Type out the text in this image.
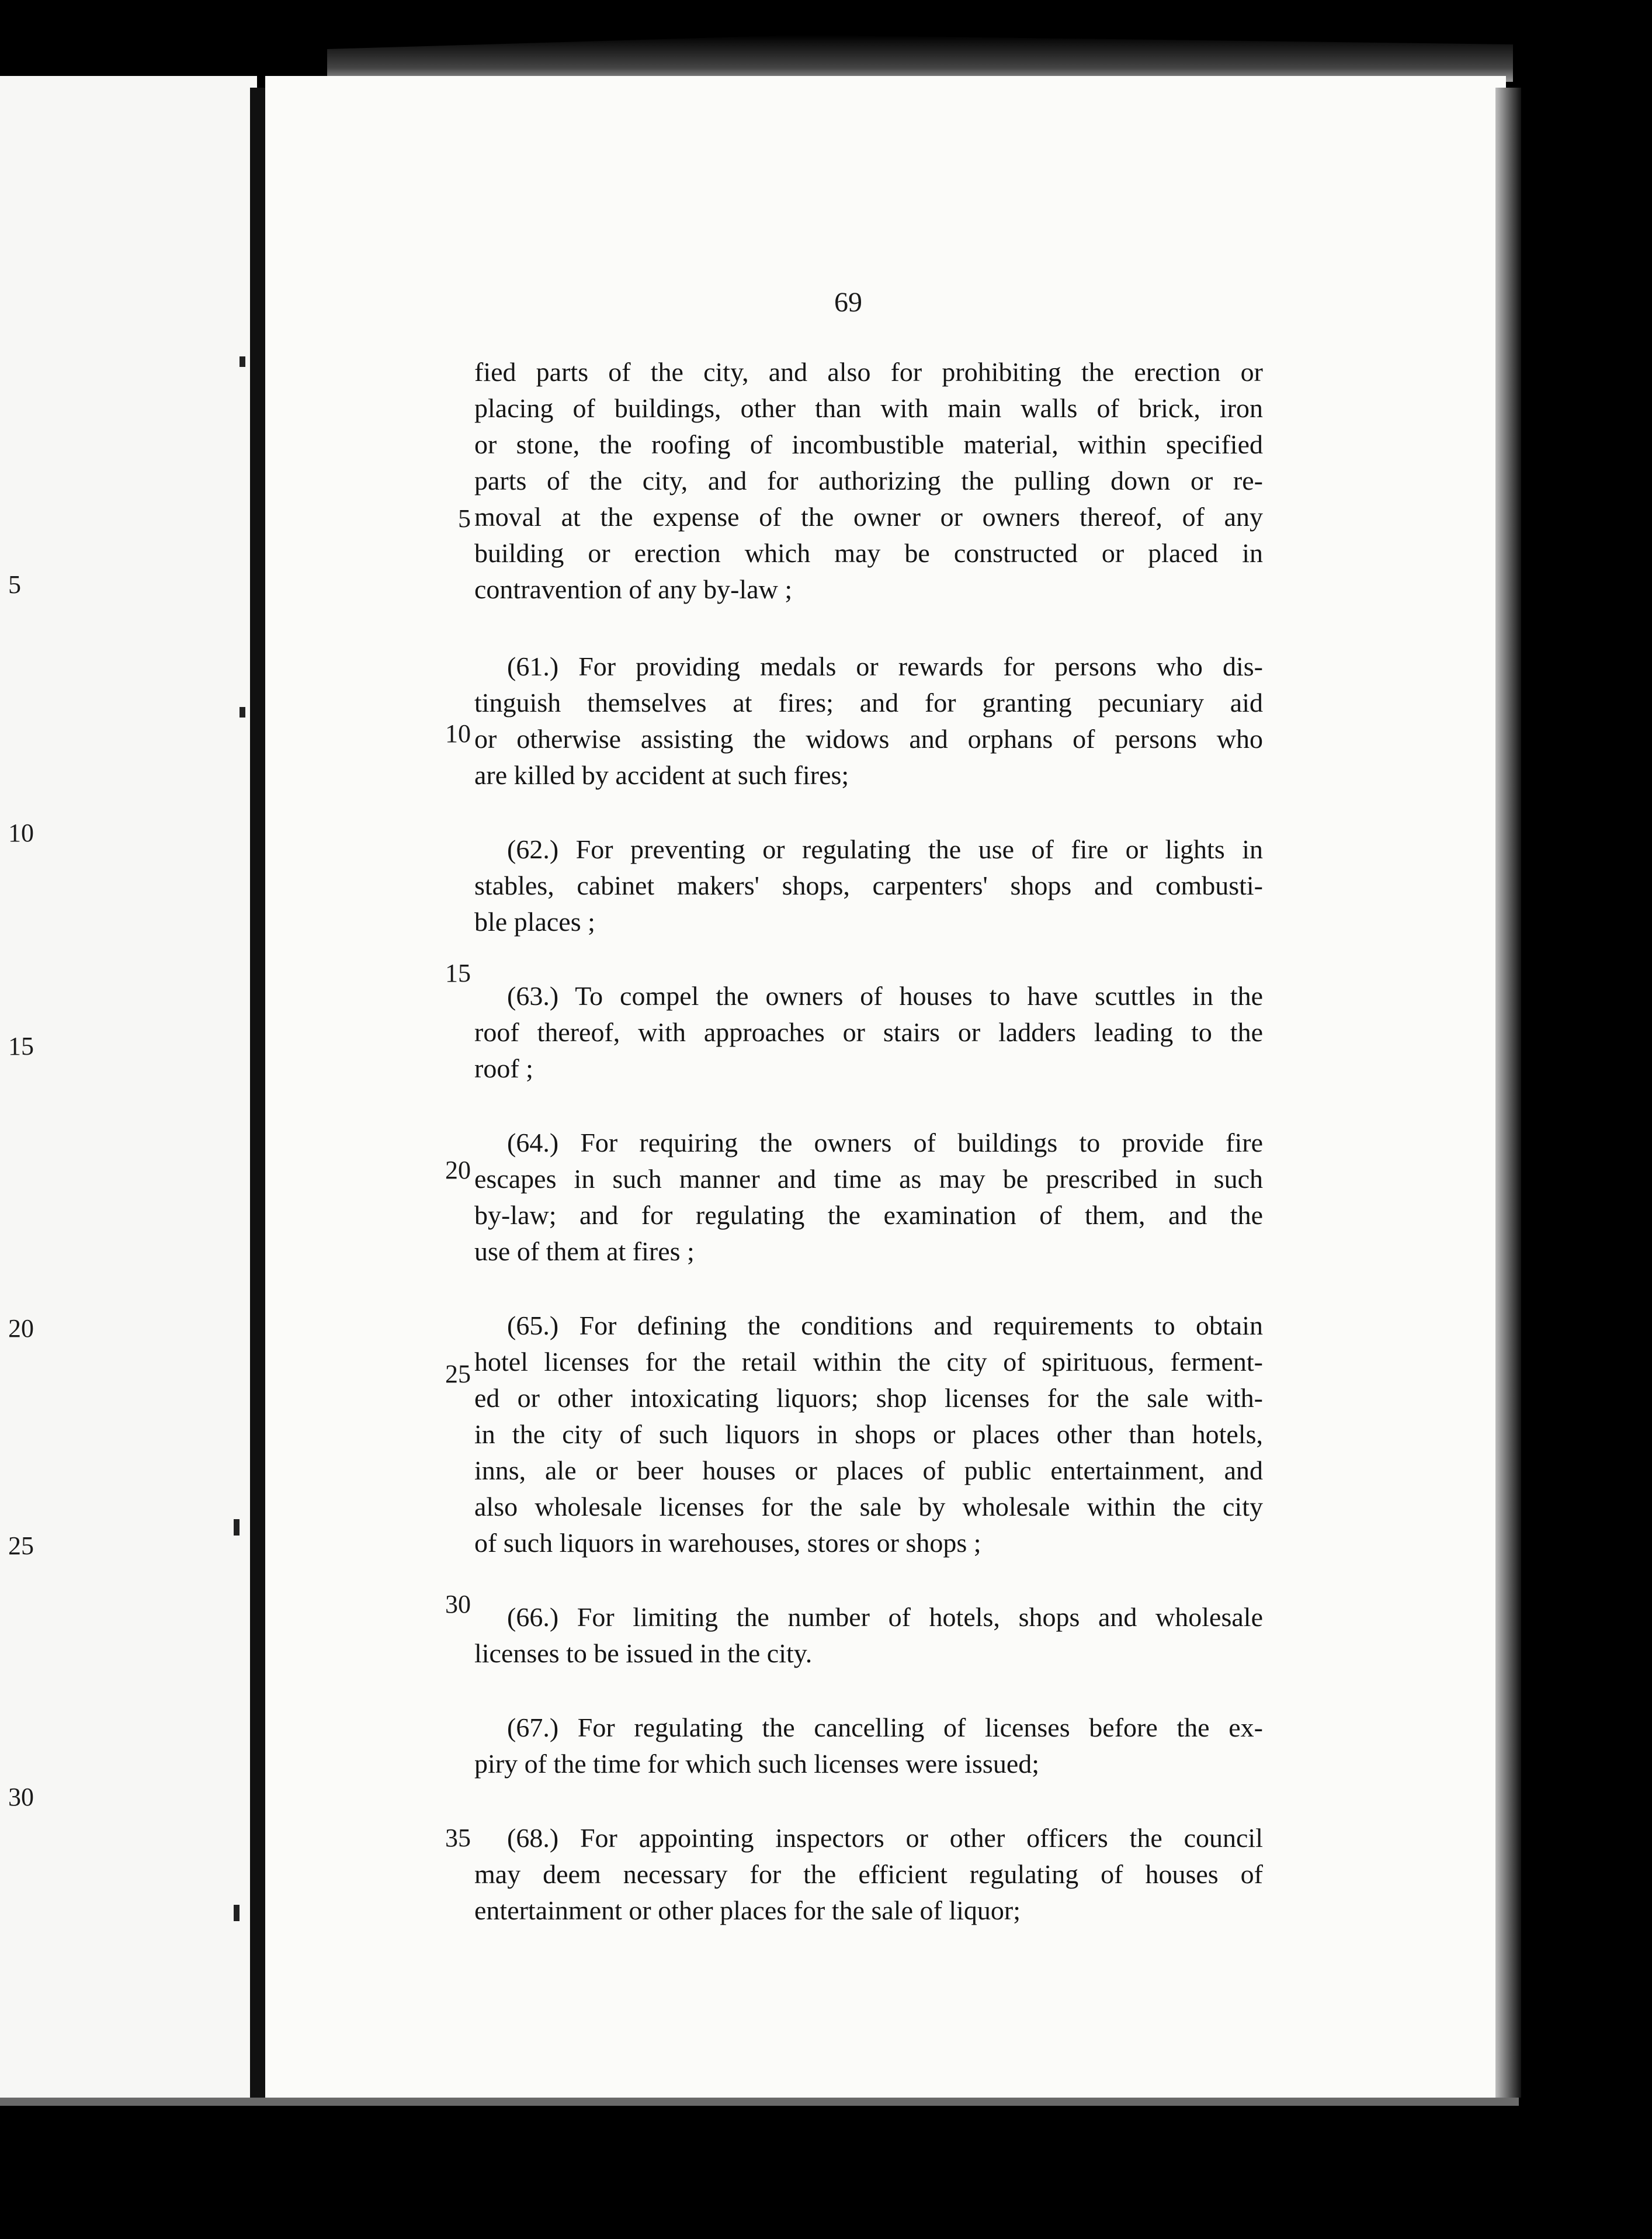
5
10
15
20
25
30
69
5
10
15
20
25
30
35
fied parts of the city, and also for prohibiting the erection or
placing of buildings, other than with main walls of brick, iron
or stone, the roofing of incombustible material, within specified
parts of the city, and for authorizing the pulling down or re-
moval at the expense of the owner or owners thereof, of any
building or erection which may be constructed or placed in
contravention of any by-law ;
(61.) For providing medals or rewards for persons who dis-
tinguish themselves at fires; and for granting pecuniary aid
or otherwise assisting the widows and orphans of persons who
are killed by accident at such fires;
(62.) For preventing or regulating the use of fire or lights in
stables, cabinet makers' shops, carpenters' shops and combusti-
ble places ;
(63.) To compel the owners of houses to have scuttles in the
roof thereof, with approaches or stairs or ladders leading to the
roof ;
(64.) For requiring the owners of buildings to provide fire
escapes in such manner and time as may be prescribed in such
by-law; and for regulating the examination of them, and the
use of them at fires ;
(65.) For defining the conditions and requirements to obtain
hotel licenses for the retail within the city of spirituous, ferment-
ed or other intoxicating liquors; shop licenses for the sale with-
in the city of such liquors in shops or places other than hotels,
inns, ale or beer houses or places of public entertainment, and
also wholesale licenses for the sale by wholesale within the city
of such liquors in warehouses, stores or shops ;
(66.) For limiting the number of hotels, shops and wholesale
licenses to be issued in the city.
(67.) For regulating the cancelling of licenses before the ex-
piry of the time for which such licenses were issued;
(68.) For appointing inspectors or other officers the council
may deem necessary for the efficient regulating of houses of
entertainment or other places for the sale of liquor;
